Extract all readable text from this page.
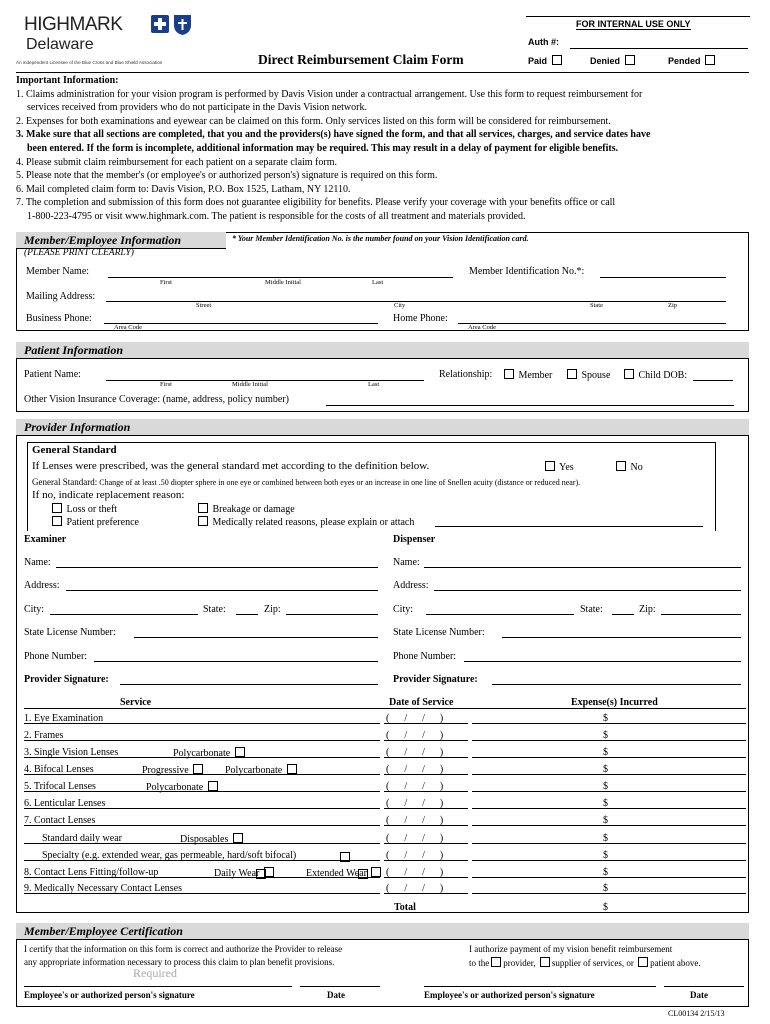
HIGHMARK
Delaware
An independent Licensee of the Blue Cross and Blue Shield Association	Direct Reimbursement Claim Form
FOR INTERNAL USE ONLY
Auth #:
Paid	Denied	Pended
Important Information:
1. Claims administration for your vision program is performed by Davis Vision under a contractual arrangement. Use this form to request reimbursement for
services received from providers who do not participate in the Davis Vision network.
2. Expenses for both examinations and eyewear can be claimed on this form. Only services listed on this form will be considered for reimbursement.
3. Make sure that all sections are completed, that you and the providers(s) have signed the form, and that all services, charges, and service dates have
been entered. If the form is incomplete, additional information may be required. This may result in a delay of payment for eligible benefits.
4. Please submit claim reimbursement for each patient on a separate claim form.
5. Please note that the member's (or employee's or authorized person's) signature is required on this form.
6. Mail completed claim form to: Davis Vision, P.O. Box 1525, Latham, NY 12110.
7. The completion and submission of this form does not guarantee eligibility for benefits. Please verify your coverage with your benefits office or call
1-800-223-4795 or visit www.highmark.com. The patient is responsible for the costs of all treatment and materials provided.
Member/Employee Information	* Your Member Identification No. is the number found on your Vision Identification card.
(PLEASE PRINT CLEARLY)
Member Name:
First	Middle Initial	Last
Member Identification No.*:
Mailing Address:
Street	City	State	Zip
Business Phone:
Area Code
Home Phone:
Area Code
Patient Information
Patient Name:
First	Middle Initial	Last
Relationship:	Member	Spouse	Child DOB:
Other Vision Insurance Coverage: (name, address, policy number)
Provider Information
General Standard
If Lenses were prescribed, was the general standard met according to the definition below.	Yes	No
General Standard: Change of at least .50 diopter sphere in one eye or combined between both eyes or an increase in one line of Snellen acuity (distance or reduced near).
If no, indicate replacement reason:
Loss or theft
Patient preference
Breakage or damage
Medically related reasons, please explain or attach
Examiner	Dispenser
Name:
Address:
City:	State:	Zip:
State License Number:
Phone Number:
Provider Signature:
Name:
Address:
City:	State:	Zip:
State License Number:
Phone Number:
Provider Signature:
Service	Date of Service	Expense(s) Incurred
1. Eye Examination	(      /      /      )	$
2. Frames	(      /      /      )	$
3. Single Vision Lenses	Polycarbonate	(      /      /      )	$
4. Bifocal Lenses	Progressive	Polycarbonate	(      /      /      )	$
5. Trifocal Lenses	Polycarbonate	(      /      /      )	$
6. Lenticular Lenses	(      /      /      )	$
7. Contact Lenses	(      /      /      )	$
Standard daily wear	Disposables	(      /      /      )	$
Specialty (e.g. extended wear, gas permeable, hard/soft bifocal)	(      /      /      )	$
8. Contact Lens Fitting/follow-up	Daily Wear	Extended Wear	(      /      /      )	$
9. Medically Necessary Contact Lenses	(      /      /      )	$
Total	$
Member/Employee Certification
I certify that the information on this form is correct and authorize the Provider to release
any appropriate information necessary to process this claim to plan benefit provisions.
Required
I authorize payment of my vision benefit reimbursement
to the provider, supplier of services, or patient above.
Employee's or authorized person's signature	Date	Employee's or authorized person's signature	Date
CL00134 2/15/13
